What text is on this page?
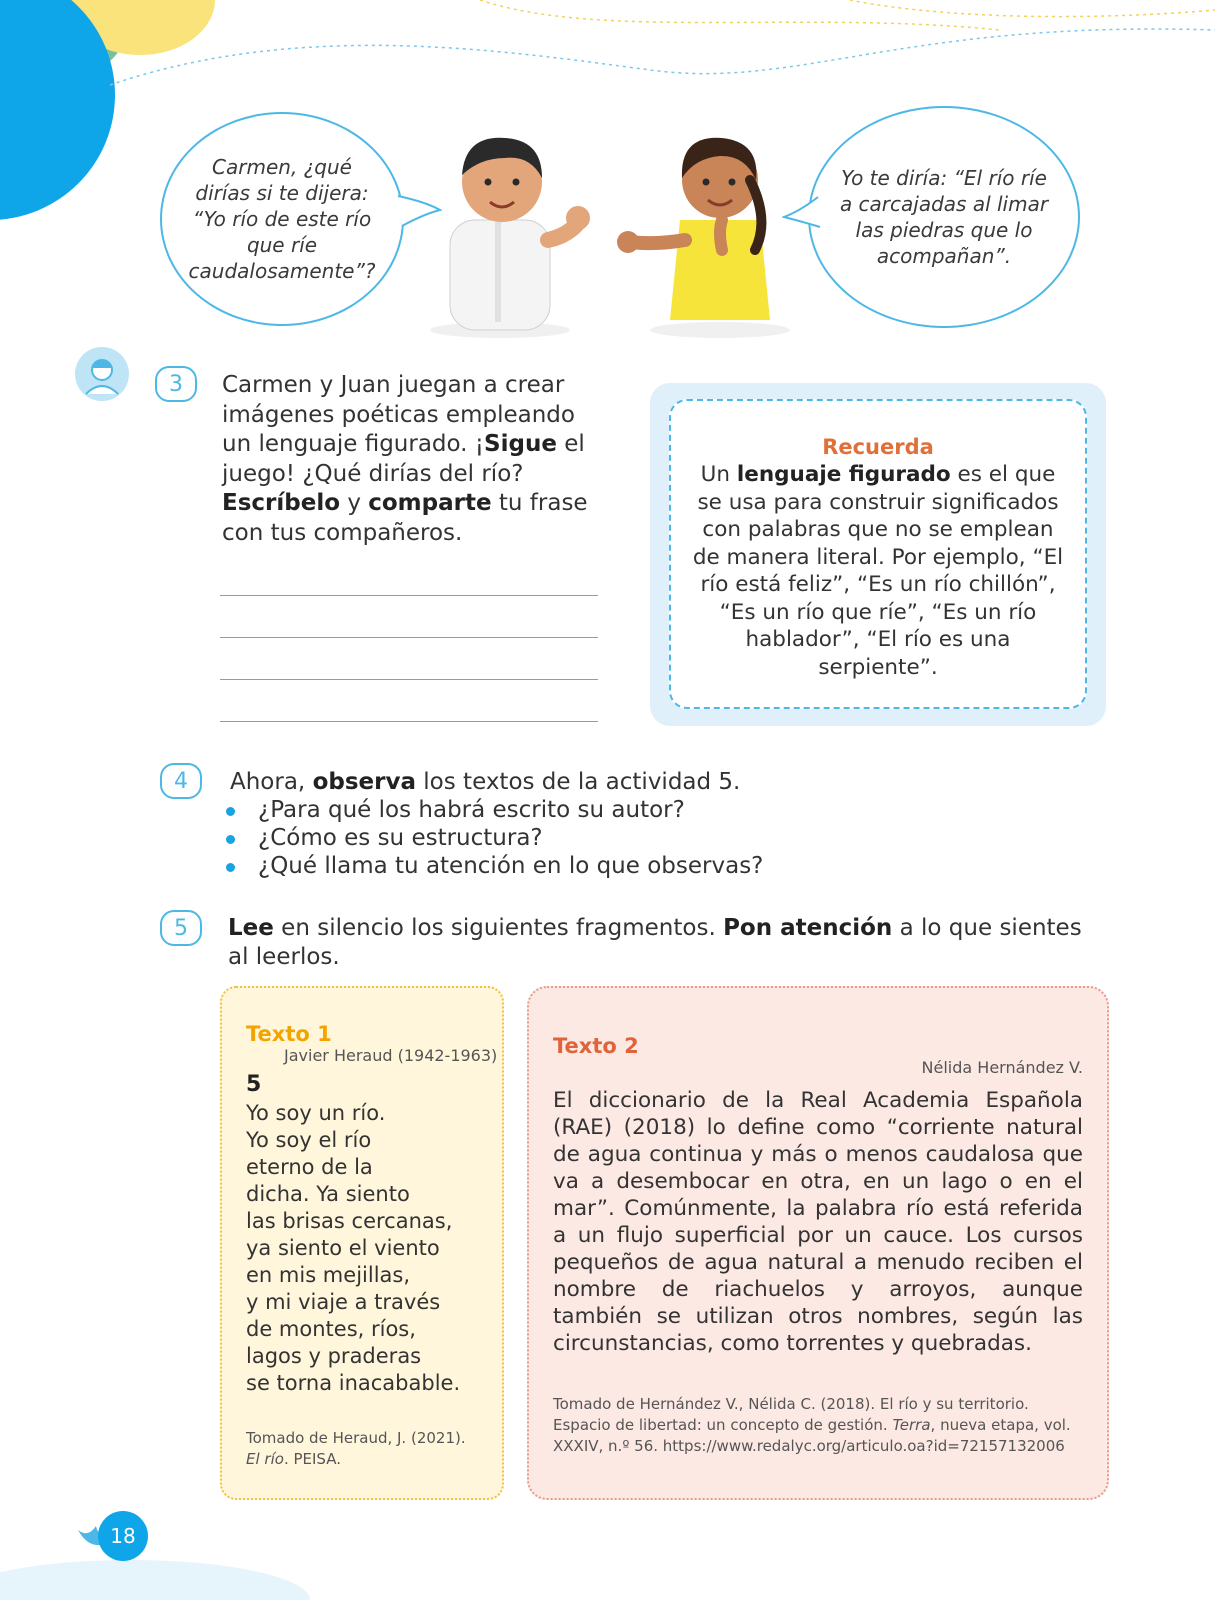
Carmen, ¿qué dirías si te dijera: “Yo río de este río que ríe caudalosamente”?
Yo te diría: “El río ríe a carcajadas al limar las piedras que lo acompañan”.
3 Carmen y Juan juegan a crear imágenes poéticas empleando un lenguaje figurado. ¡Sigue el juego! ¿Qué dirías del río? Escríbelo y comparte tu frase con tus compañeros.
Recuerda
Un lenguaje figurado es el que se usa para construir significados con palabras que no se emplean de manera literal. Por ejemplo, “El río está feliz”, “Es un río chillón”, “Es un río que ríe”, “Es un río hablador”, “El río es una serpiente”.
4 Ahora, observa los textos de la actividad 5.
¿Para qué los habrá escrito su autor?
¿Cómo es su estructura?
¿Qué llama tu atención en lo que observas?
5 Lee en silencio los siguientes fragmentos. Pon atención a lo que sientes al leerlos.
Texto 1
Javier Heraud (1942-1963)
5
Yo soy un río.
Yo soy el río
eterno de la
dicha. Ya siento
las brisas cercanas,
ya siento el viento
en mis mejillas,
y mi viaje a través
de montes, ríos,
lagos y praderas
se torna inacabable.
Tomado de Heraud, J. (2021).
El río. PEISA.
Texto 2
Nélida Hernández V.
El diccionario de la Real Academia Española (RAE) (2018) lo define como “corriente natural de agua continua y más o menos caudalosa que va a desembocar en otra, en un lago o en el mar”. Comúnmente, la palabra río está referida a un flujo superficial por un cauce. Los cursos pequeños de agua natural a menudo reciben el nombre de riachuelos y arroyos, aunque también se utilizan otros nombres, según las circunstancias, como torrentes y quebradas.
Tomado de Hernández V., Nélida C. (2018). El río y su territorio. Espacio de libertad: un concepto de gestión. Terra, nueva etapa, vol. XXXIV, n.º 56. https://www.redalyc.org/articulo.oa?id=72157132006
18
